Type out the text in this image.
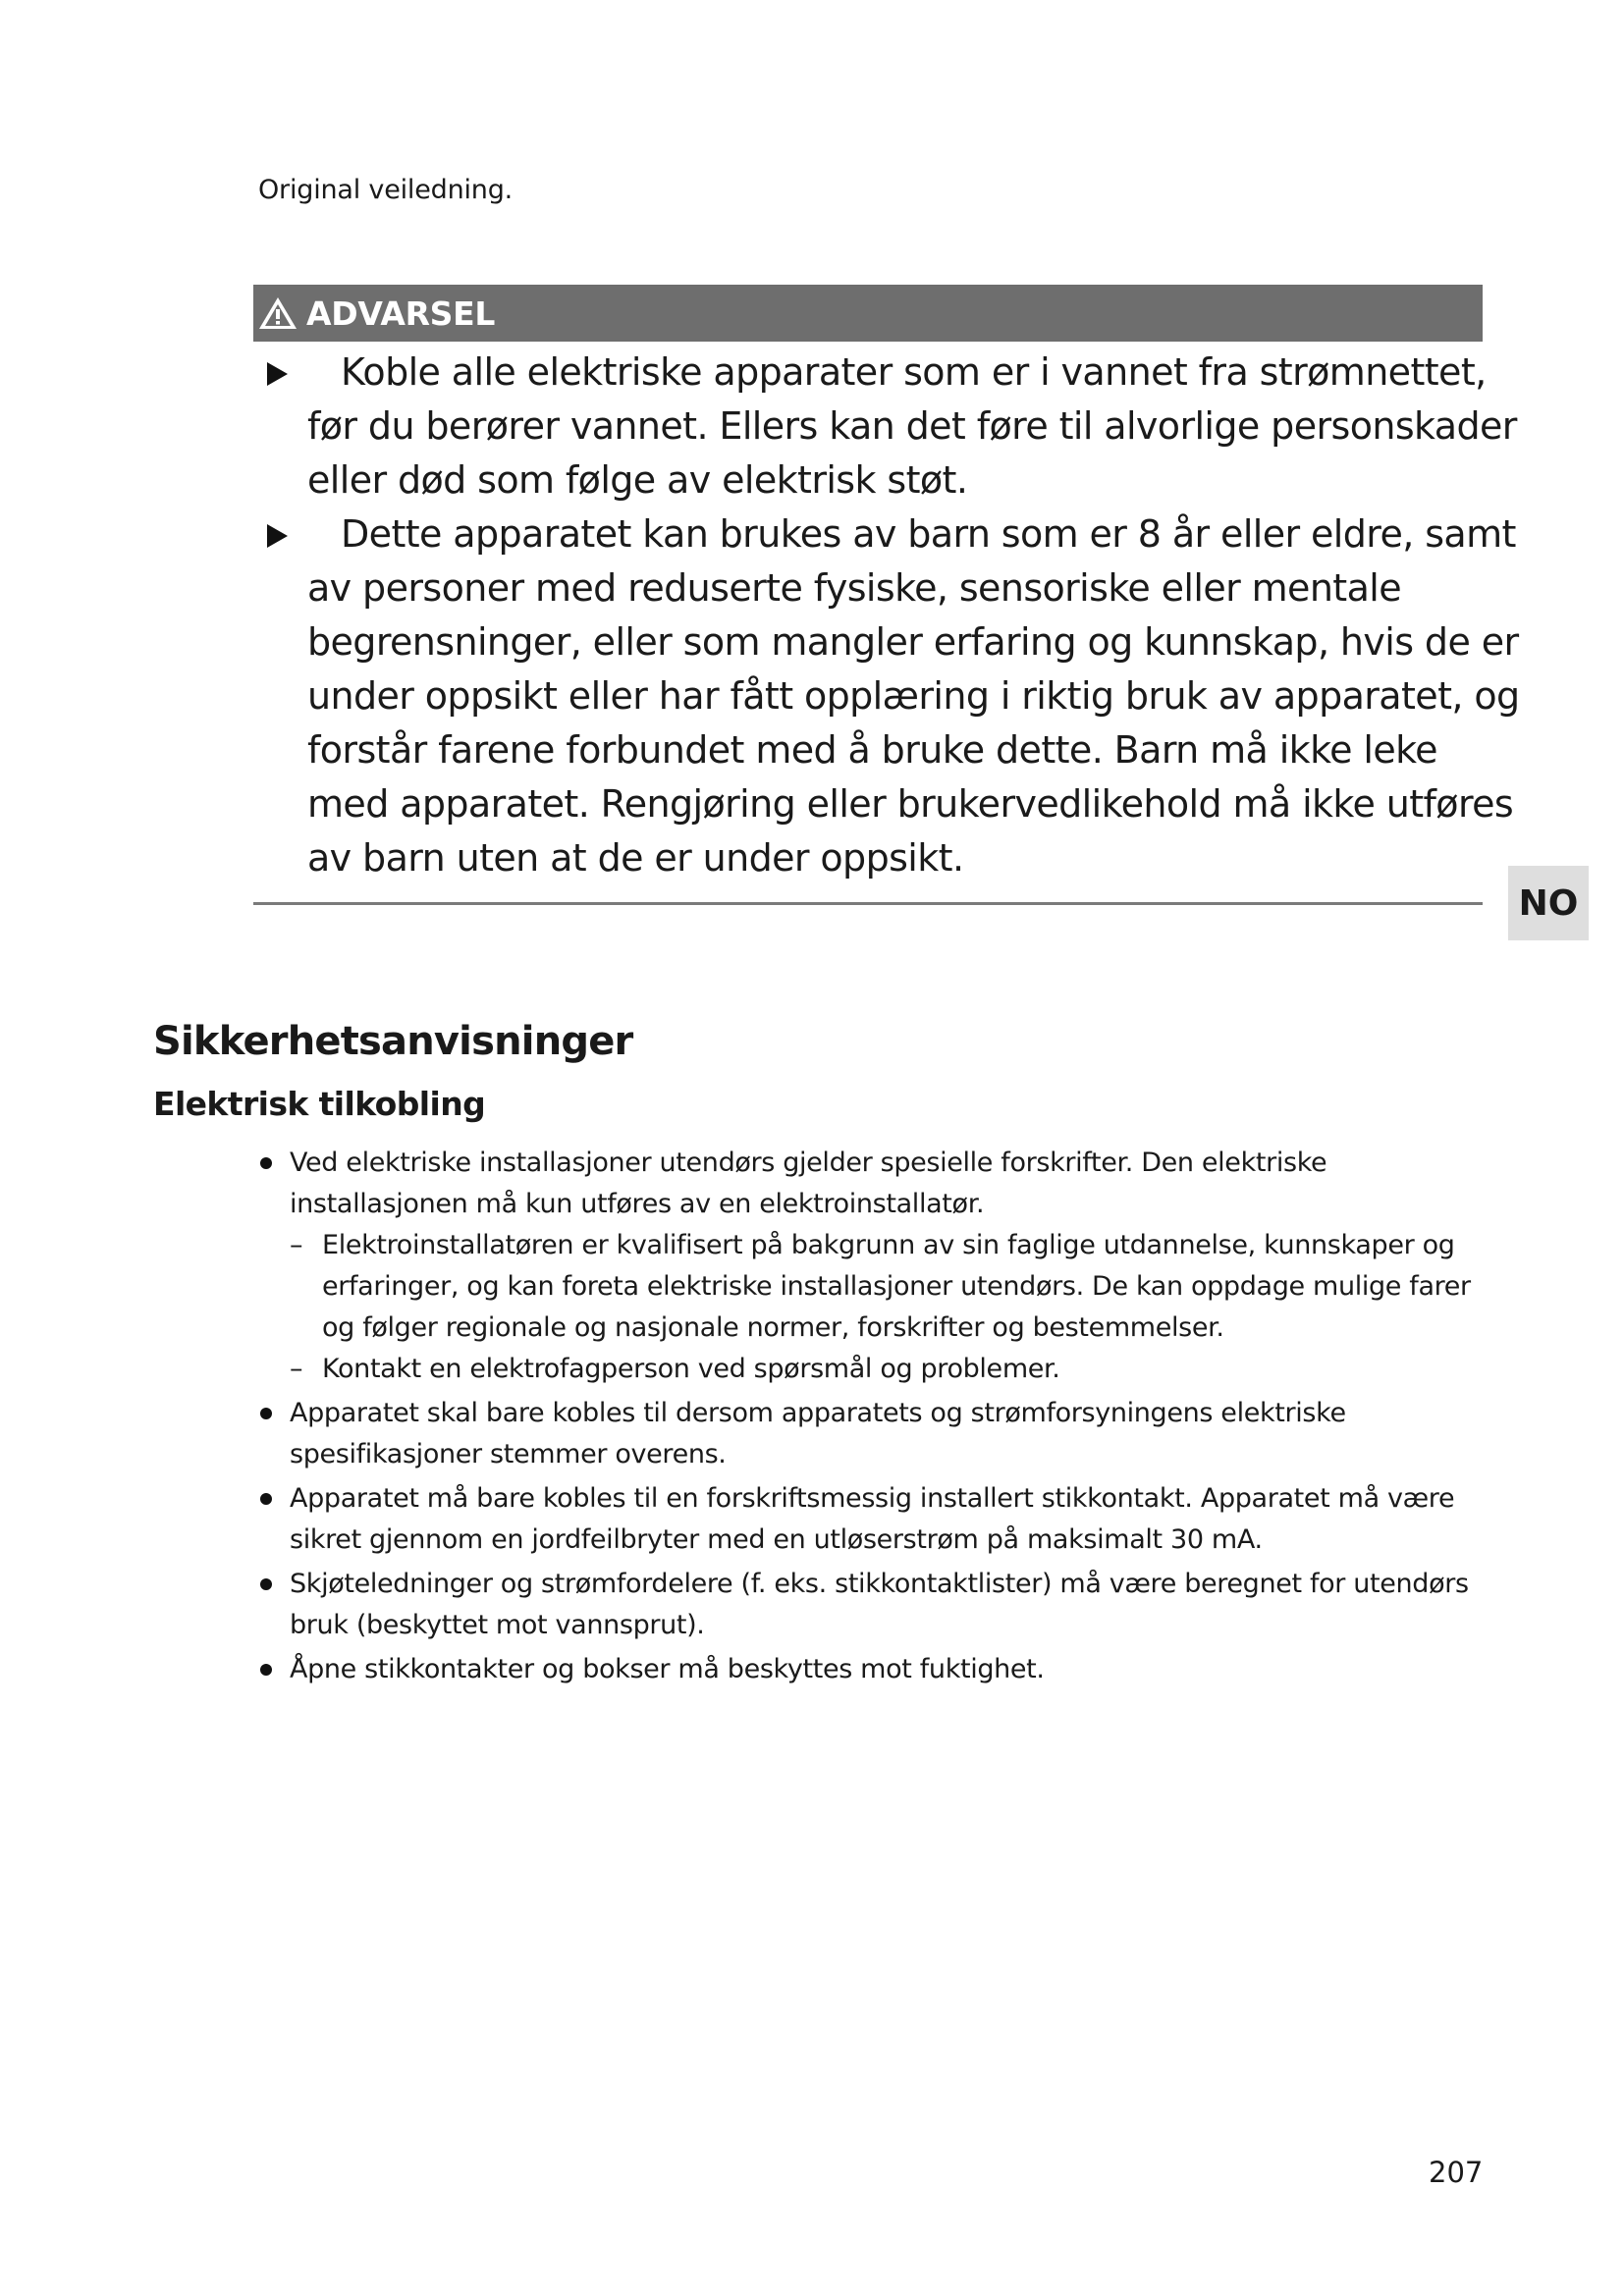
Original veiledning.
ADVARSEL
Koble alle elektriske apparater som er i vannet fra strømnettet, før du berører vannet. Ellers kan det føre til alvorlige personskader eller død som følge av elektrisk støt.
Dette apparatet kan brukes av barn som er 8 år eller eldre, samt av personer med reduserte fysiske, sensoriske eller mentale begrensninger, eller som mangler erfaring og kunnskap, hvis de er under oppsikt eller har fått opplæring i riktig bruk av apparatet, og forstår farene forbundet med å bruke dette. Barn må ikke leke med apparatet. Rengjøring eller brukervedlikehold må ikke utføres av barn uten at de er under oppsikt.
NO
Sikkerhetsanvisninger
Elektrisk tilkobling
Ved elektriske installasjoner utendørs gjelder spesielle forskrifter. Den elektriske installasjonen må kun utføres av en elektroinstallatør.
– Elektroinstallatøren er kvalifisert på bakgrunn av sin faglige utdannelse, kunnskaper og erfaringer, og kan foreta elektriske installasjoner utendørs. De kan oppdage mulige farer og følger regionale og nasjonale normer, forskrifter og bestemmelser.
– Kontakt en elektrofagperson ved spørsmål og problemer.
Apparatet skal bare kobles til dersom apparatets og strømforsyningens elektriske spesifikasjoner stemmer overens.
Apparatet må bare kobles til en forskriftsmessig installert stikkontakt. Apparatet må være sikret gjennom en jordfeilbryter med en utløserstrøm på maksimalt 30 mA.
Skjøteledninger og strømfordelere (f. eks. stikkontaktlister) må være beregnet for utendørs bruk (beskyttet mot vannsprut).
Åpne stikkontakter og bokser må beskyttes mot fuktighet.
207
